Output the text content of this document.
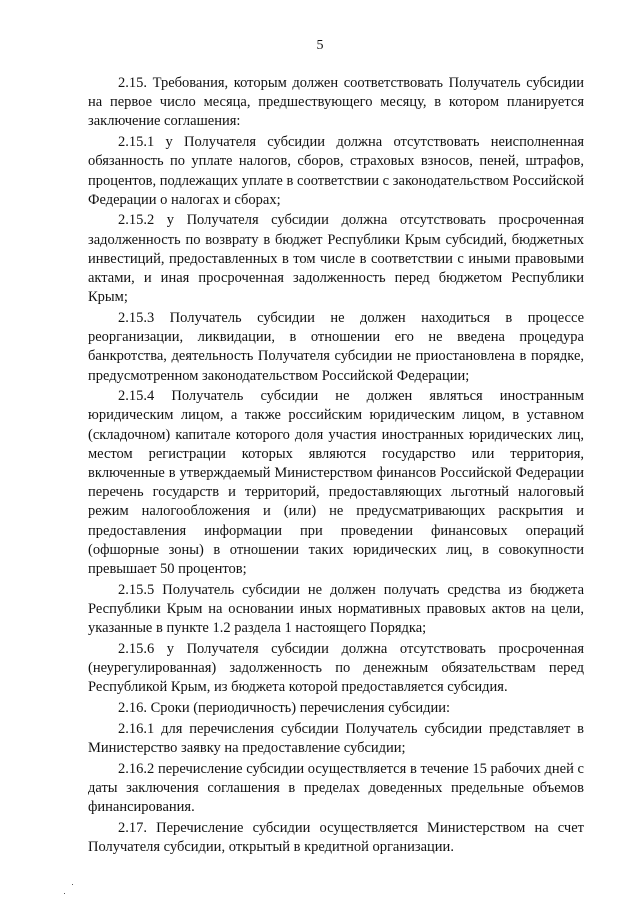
5

2.15. Требования, которым должен соответствовать Получатель субсидии на первое число месяца, предшествующего месяцу, в котором планируется заключение соглашения:

2.15.1 у Получателя субсидии должна отсутствовать неисполненная обязанность по уплате налогов, сборов, страховых взносов, пеней, штрафов, процентов, подлежащих уплате в соответствии с законодательством Российской Федерации о налогах и сборах;

2.15.2 у Получателя субсидии должна отсутствовать просроченная задолженность по возврату в бюджет Республики Крым субсидий, бюджетных инвестиций, предоставленных в том числе в соответствии с иными правовыми актами, и иная просроченная задолженность перед бюджетом Республики Крым;

2.15.3 Получатель субсидии не должен находиться в процессе реорганизации, ликвидации, в отношении его не введена процедура банкротства, деятельность Получателя субсидии не приостановлена в порядке, предусмотренном законодательством Российской Федерации;

2.15.4 Получатель субсидии не должен являться иностранным юридическим лицом, а также российским юридическим лицом, в уставном (складочном) капитале которого доля участия иностранных юридических лиц, местом регистрации которых являются государство или территория, включенные в утверждаемый Министерством финансов Российской Федерации перечень государств и территорий, предоставляющих льготный налоговый режим налогообложения и (или) не предусматривающих раскрытия и предоставления информации при проведении финансовых операций (офшорные зоны) в отношении таких юридических лиц, в совокупности превышает 50 процентов;

2.15.5 Получатель субсидии не должен получать средства из бюджета Республики Крым на основании иных нормативных правовых актов на цели, указанные в пункте 1.2 раздела 1 настоящего Порядка;

2.15.6 у Получателя субсидии должна отсутствовать просроченная (неурегулированная) задолженность по денежным обязательствам перед Республикой Крым, из бюджета которой предоставляется субсидия.

2.16. Сроки (периодичность) перечисления субсидии:

2.16.1 для перечисления субсидии Получатель субсидии представляет в Министерство заявку на предоставление субсидии;

2.16.2 перечисление субсидии осуществляется в течение 15 рабочих дней с даты заключения соглашения в пределах доведенных предельные объемов финансирования.

2.17. Перечисление субсидии осуществляется Министерством на счет Получателя субсидии, открытый в кредитной организации.
